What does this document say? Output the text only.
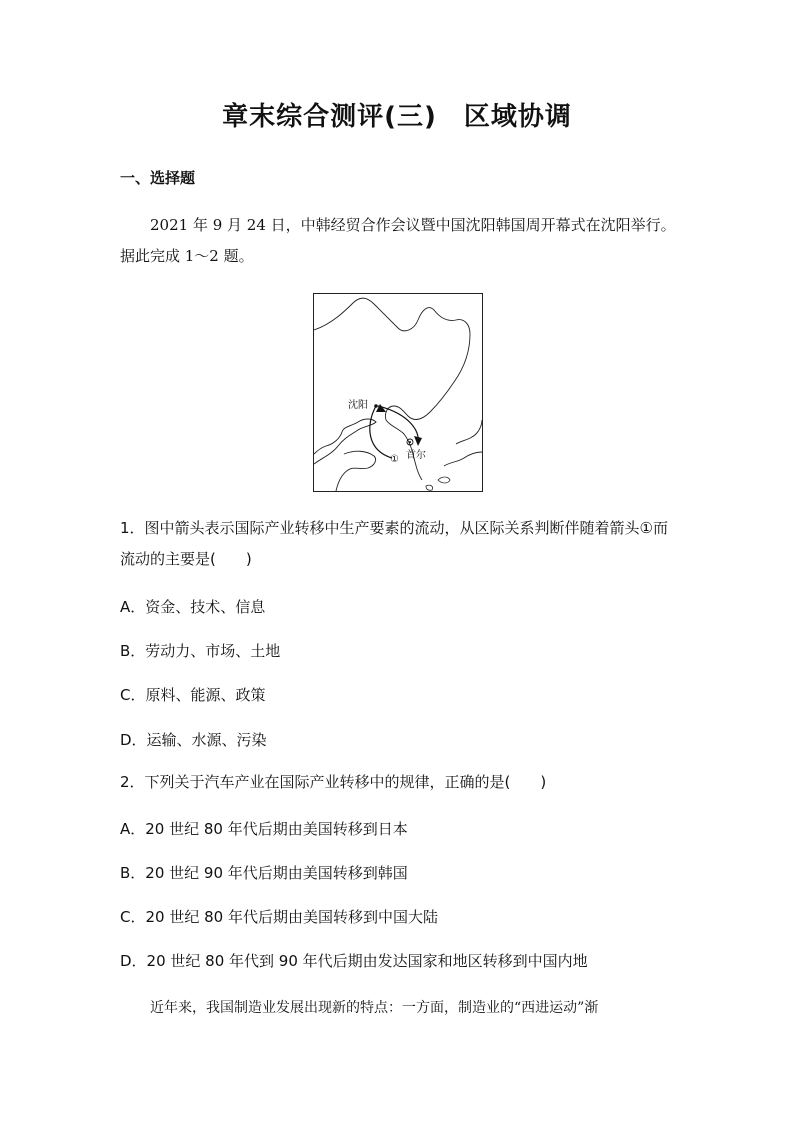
章末综合测评(三)　区域协调
一、选择题
2021 年 9 月 24 日，中韩经贸合作会议暨中国沈阳韩国周开幕式在沈阳举行。据此完成 1～2 题。
沈阳
首尔
①
1．图中箭头表示国际产业转移中生产要素的流动，从区际关系判断伴随着箭头①而流动的主要是(　　)
A．资金、技术、信息
B．劳动力、市场、土地
C．原料、能源、政策
D．运输、水源、污染
2．下列关于汽车产业在国际产业转移中的规律，正确的是(　　)
A．20 世纪 80 年代后期由美国转移到日本
B．20 世纪 90 年代后期由美国转移到韩国
C．20 世纪 80 年代后期由美国转移到中国大陆
D．20 世纪 80 年代到 90 年代后期由发达国家和地区转移到中国内地
近年来，我国制造业发展出现新的特点：一方面，制造业的“西进运动”渐
